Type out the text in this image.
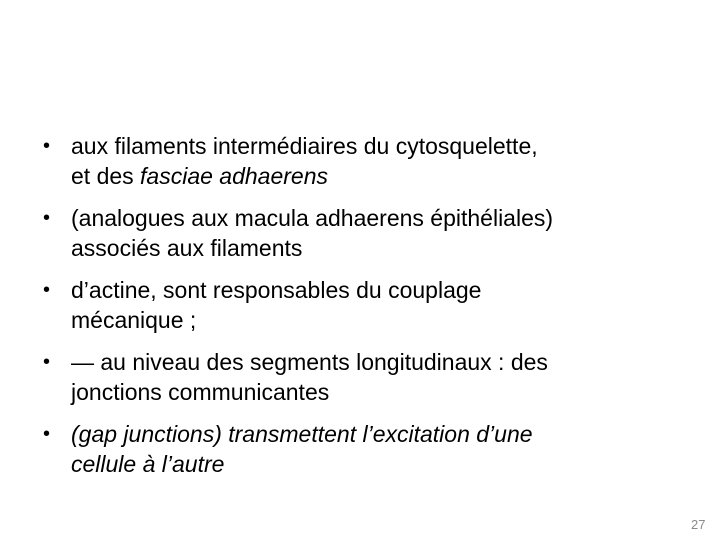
• aux filaments intermédiaires du cytosquelette,
et des fasciae adhaerens
• (analogues aux macula adhaerens épithéliales)
associés aux filaments
• d’actine, sont responsables du couplage
mécanique ;
• — au niveau des segments longitudinaux : des
jonctions communicantes
• (gap junctions) transmettent l’excitation d’une
cellule à l’autre
27
